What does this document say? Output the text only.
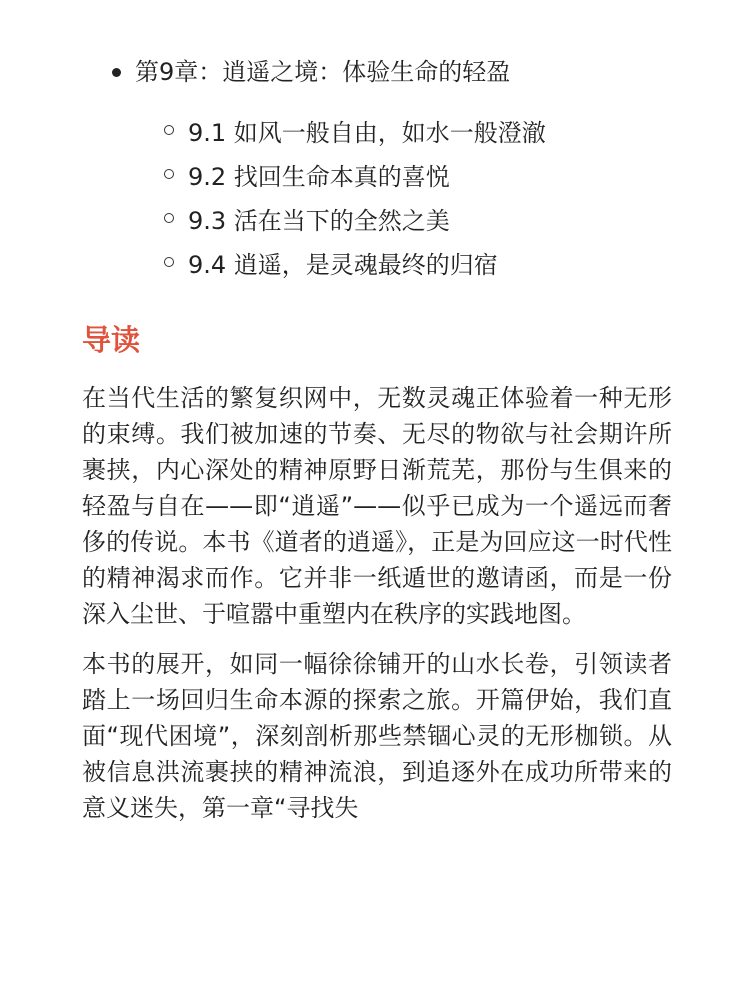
第9章：逍遥之境：体验生命的轻盈
9.1 如风一般自由，如水一般澄澈
9.2 找回生命本真的喜悦
9.3 活在当下的全然之美
9.4 逍遥，是灵魂最终的归宿
导读

在当代生活的繁复织网中，无数灵魂正体验着一种无形的束缚。我们被加速的节奏、无尽的物欲与社会期许所裹挟，内心深处的精神原野日渐荒芜，那份与生俱来的轻盈与自在——即“逍遥”——似乎已成为一个遥远而奢侈的传说。本书《道者的逍遥》，正是为回应这一时代性的精神渴求而作。它并非一纸遁世的邀请函，而是一份深入尘世、于喧嚣中重塑内在秩序的实践地图。

本书的展开，如同一幅徐徐铺开的山水长卷，引领读者踏上一场回归生命本源的探索之旅。开篇伊始，我们直面“现代困境”，深刻剖析那些禁锢心灵的无形枷锁。从被信息洪流裹挟的精神流浪，到追逐外在成功所带来的意义迷失，第一章“寻找失
